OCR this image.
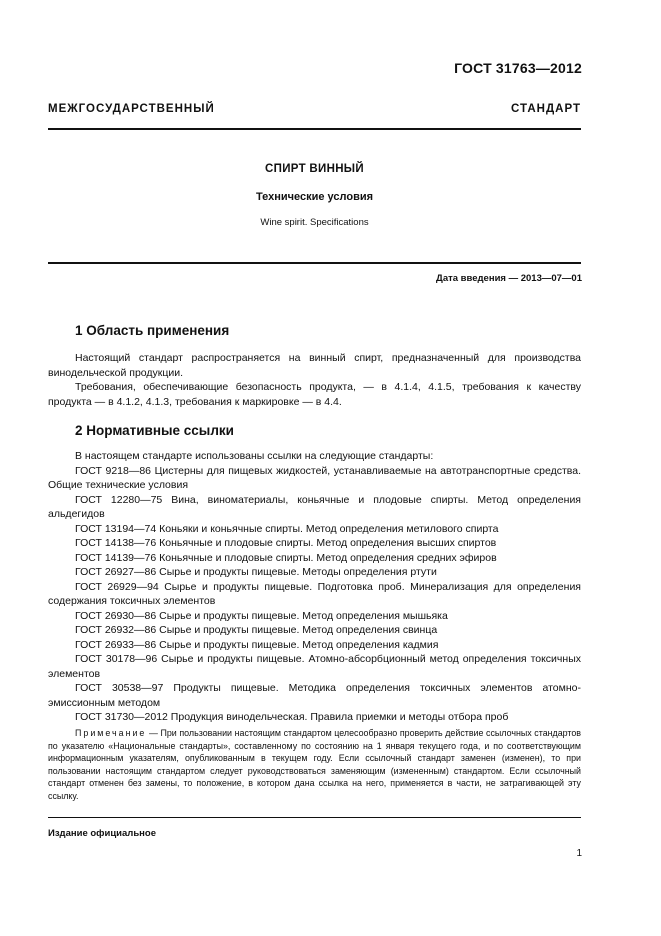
ГОСТ 31763—2012
МЕЖГОСУДАРСТВЕННЫЙ СТАНДАРТ
СПИРТ ВИННЫЙ
Технические условия
Wine spirit. Specifications
Дата введения — 2013—07—01
1 Область применения

Настоящий стандарт распространяется на винный спирт, предназначенный для производства винодельческой продукции.

Требования, обеспечивающие безопасность продукта, — в 4.1.4, 4.1.5, требования к качеству продукта — в 4.1.2, 4.1.3, требования к маркировке — в 4.4.

2 Нормативные ссылки

В настоящем стандарте использованы ссылки на следующие стандарты:

ГОСТ 9218—86 Цистерны для пищевых жидкостей, устанавливаемые на автотранспортные средства. Общие технические условия

ГОСТ 12280—75 Вина, виноматериалы, коньячные и плодовые спирты. Метод определения альдегидов

ГОСТ 13194—74 Коньяки и коньячные спирты. Метод определения метилового спирта

ГОСТ 14138—76 Коньячные и плодовые спирты. Метод определения высших спиртов

ГОСТ 14139—76 Коньячные и плодовые спирты. Метод определения средних эфиров

ГОСТ 26927—86 Сырье и продукты пищевые. Методы определения ртути

ГОСТ 26929—94 Сырье и продукты пищевые. Подготовка проб. Минерализация для определения содержания токсичных элементов

ГОСТ 26930—86 Сырье и продукты пищевые. Метод определения мышьяка

ГОСТ 26932—86 Сырье и продукты пищевые. Метод определения свинца

ГОСТ 26933—86 Сырье и продукты пищевые. Метод определения кадмия

ГОСТ 30178—96 Сырье и продукты пищевые. Атомно-абсорбционный метод определения токсичных элементов

ГОСТ 30538—97 Продукты пищевые. Методика определения токсичных элементов атомно-эмиссионным методом

ГОСТ 31730—2012 Продукция винодельческая. Правила приемки и методы отбора проб

Примечание — При пользовании настоящим стандартом целесообразно проверить действие ссылочных стандартов по указателю «Национальные стандарты», составленному по состоянию на 1 января текущего года, и по соответствующим информационным указателям, опубликованным в текущем году. Если ссылочный стандарт заменен (изменен), то при пользовании настоящим стандартом следует руководствоваться заменяющим (измененным) стандартом. Если ссылочный стандарт отменен без замены, то положение, в котором дана ссылка на него, применяется в части, не затрагивающей эту ссылку.

Издание официальное
1
